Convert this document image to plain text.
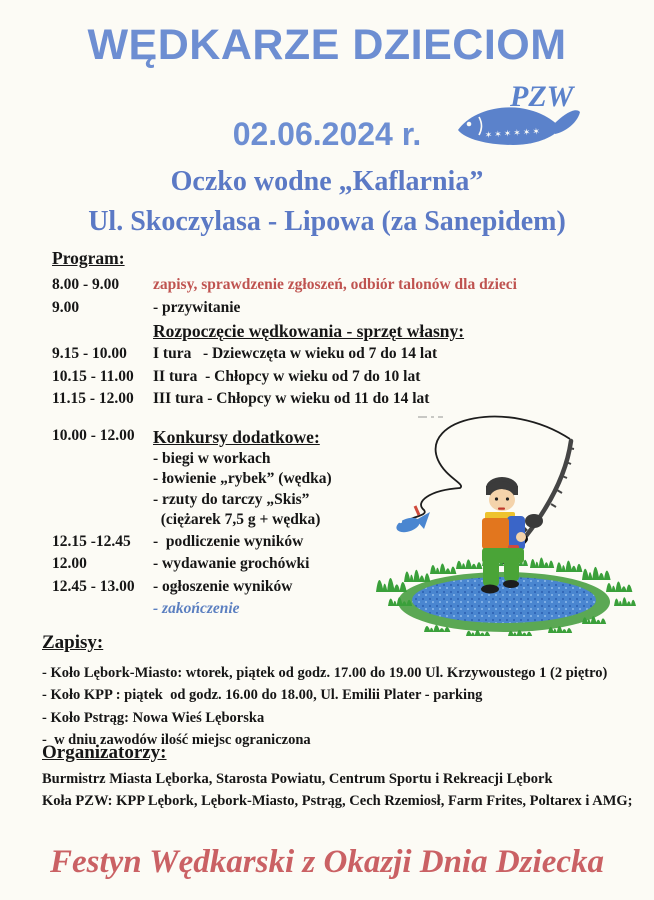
WĘDKARZE DZIECIOM
PZW
✶✶✶✶✶✶
02.06.2024 r.
Oczko wodne „Kaflarnia”
Ul. Skoczylasa - Lipowa (za Sanepidem)
Program:
8.00 - 9.00	zapisy, sprawdzenie zgłoszeń, odbiór talonów dla dzieci
9.00	- przywitanie
Rozpoczęcie wędkowania - sprzęt własny:
9.15 - 10.00	I tura   - Dziewczęta w wieku od 7 do 14 lat
10.15 - 11.00	II tura  - Chłopcy w wieku od 7 do 10 lat
11.15 - 12.00	III tura - Chłopcy w wieku od 11 do 14 lat
10.00 - 12.00	Konkursy dodatkowe:
- biegi w workach
- łowienie „rybek” (wędka)
- rzuty do tarczy „Skis”
(ciężarek 7,5 g + wędka)
12.15 -12.45	-  podliczenie wyników
12.00	- wydawanie grochówki
12.45 - 13.00	- ogłoszenie wyników
- zakończenie
Zapisy:
- Koło Lębork-Miasto: wtorek, piątek od godz. 17.00 do 19.00 Ul. Krzywoustego 1 (2 piętro)
- Koło KPP : piątek  od godz. 16.00 do 18.00, Ul. Emilii Plater - parking
- Koło Pstrąg: Nowa Wieś Lęborska
-  w dniu zawodów ilość miejsc ograniczona
Organizatorzy:
Burmistrz Miasta Lęborka, Starosta Powiatu, Centrum Sportu i Rekreacji Lębork
Koła PZW: KPP Lębork, Lębork-Miasto, Pstrąg, Cech Rzemiosł, Farm Frites, Poltarex i AMG;
Festyn Wędkarski z Okazji Dnia Dziecka
